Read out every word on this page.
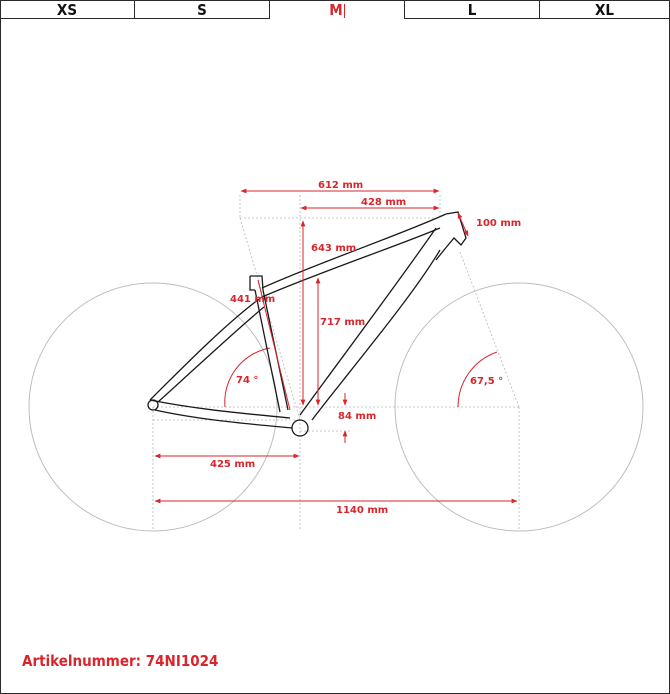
XS	S	M	L	XL
612 mm
428 mm
100 mm
643 mm
441 mm
717 mm
74 °	67,5 °
84 mm
425 mm
1140 mm
Artikelnummer: 74NI1024
